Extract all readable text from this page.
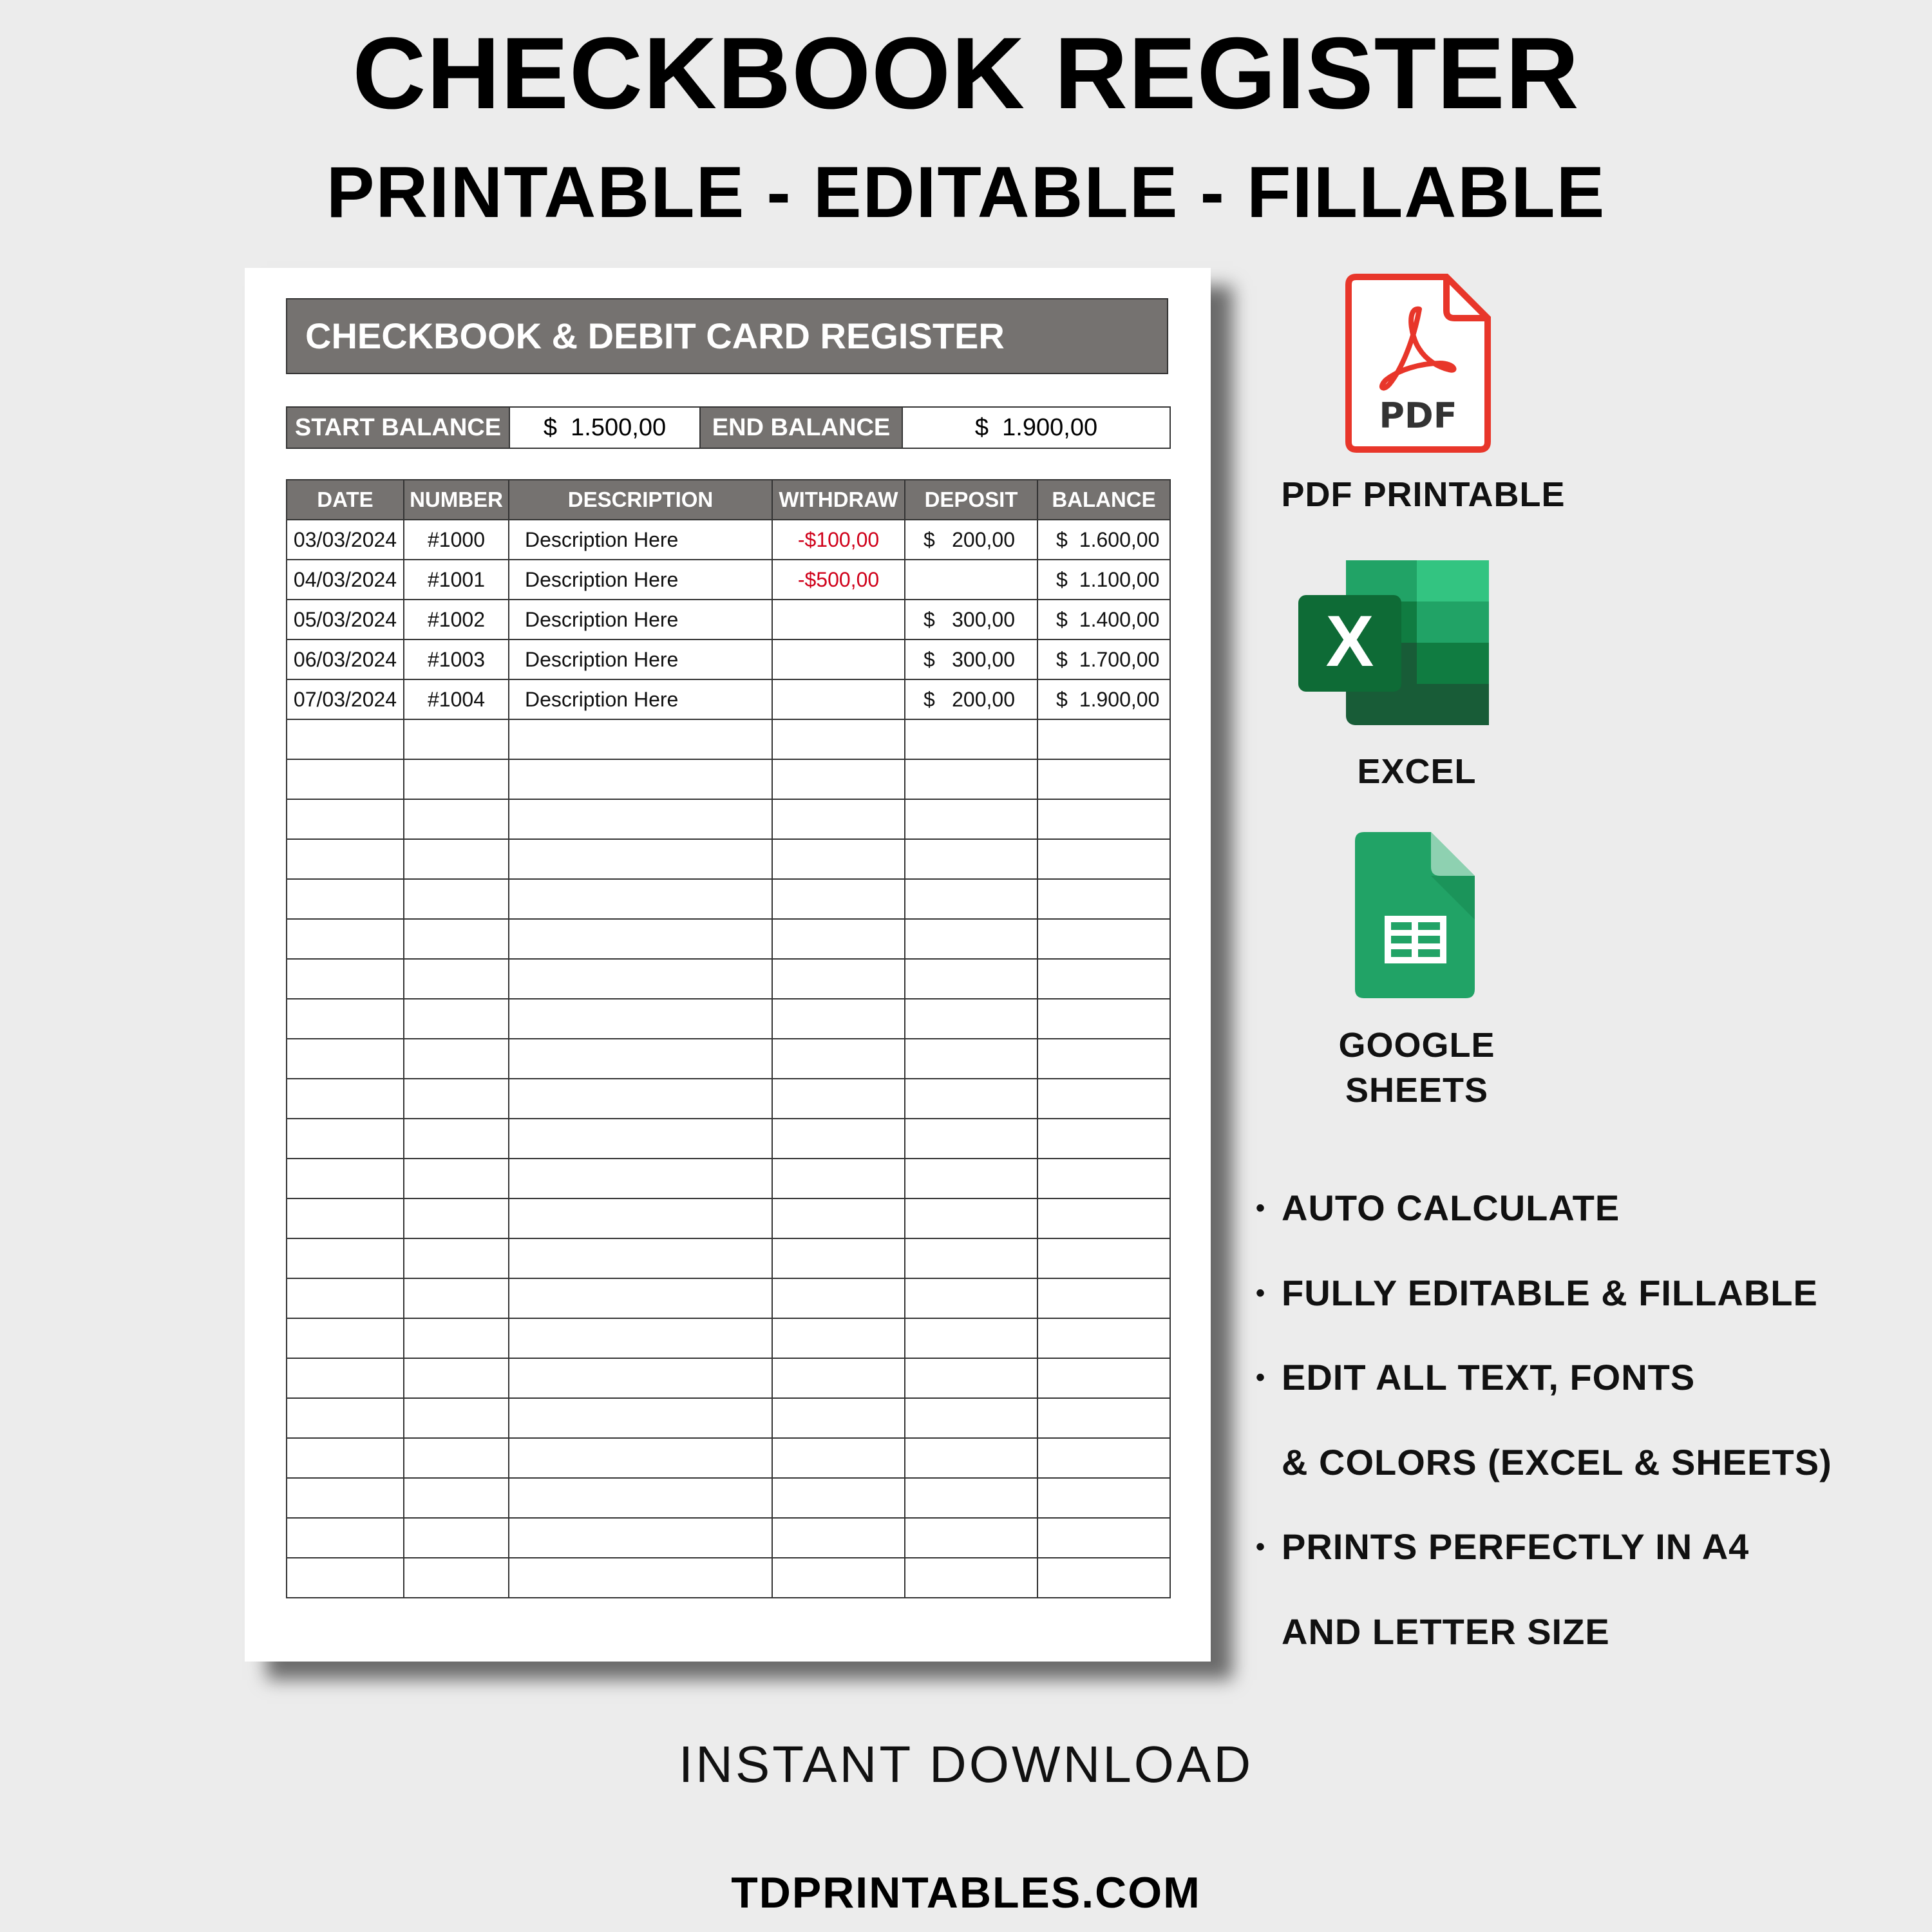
CHECKBOOK REGISTER
PRINTABLE - EDITABLE - FILLABLE
CHECKBOOK & DEBIT CARD REGISTER
START BALANCE	$ 1.500,00	END BALANCE	$ 1.900,00
DATE	NUMBER	DESCRIPTION	WITHDRAW	DEPOSIT	BALANCE
03/03/2024	#1000	Description Here	-$100,00	$ 200,00	$ 1.600,00

04/03/2024	#1001	Description Here	-$500,00		$ 1.100,00

05/03/2024	#1002	Description Here		$ 300,00	$ 1.400,00

06/03/2024	#1003	Description Here		$ 300,00	$ 1.700,00

07/03/2024	#1004	Description Here		$ 200,00	$ 1.900,00

PDF
PDF PRINTABLE
X
EXCEL
GOOGLE
SHEETS
• AUTO CALCULATE
• FULLY EDITABLE & FILLABLE
• EDIT ALL TEXT, FONTS
& COLORS (EXCEL & SHEETS)
• PRINTS PERFECTLY IN A4
AND LETTER SIZE
INSTANT DOWNLOAD
TDPRINTABLES.COM
